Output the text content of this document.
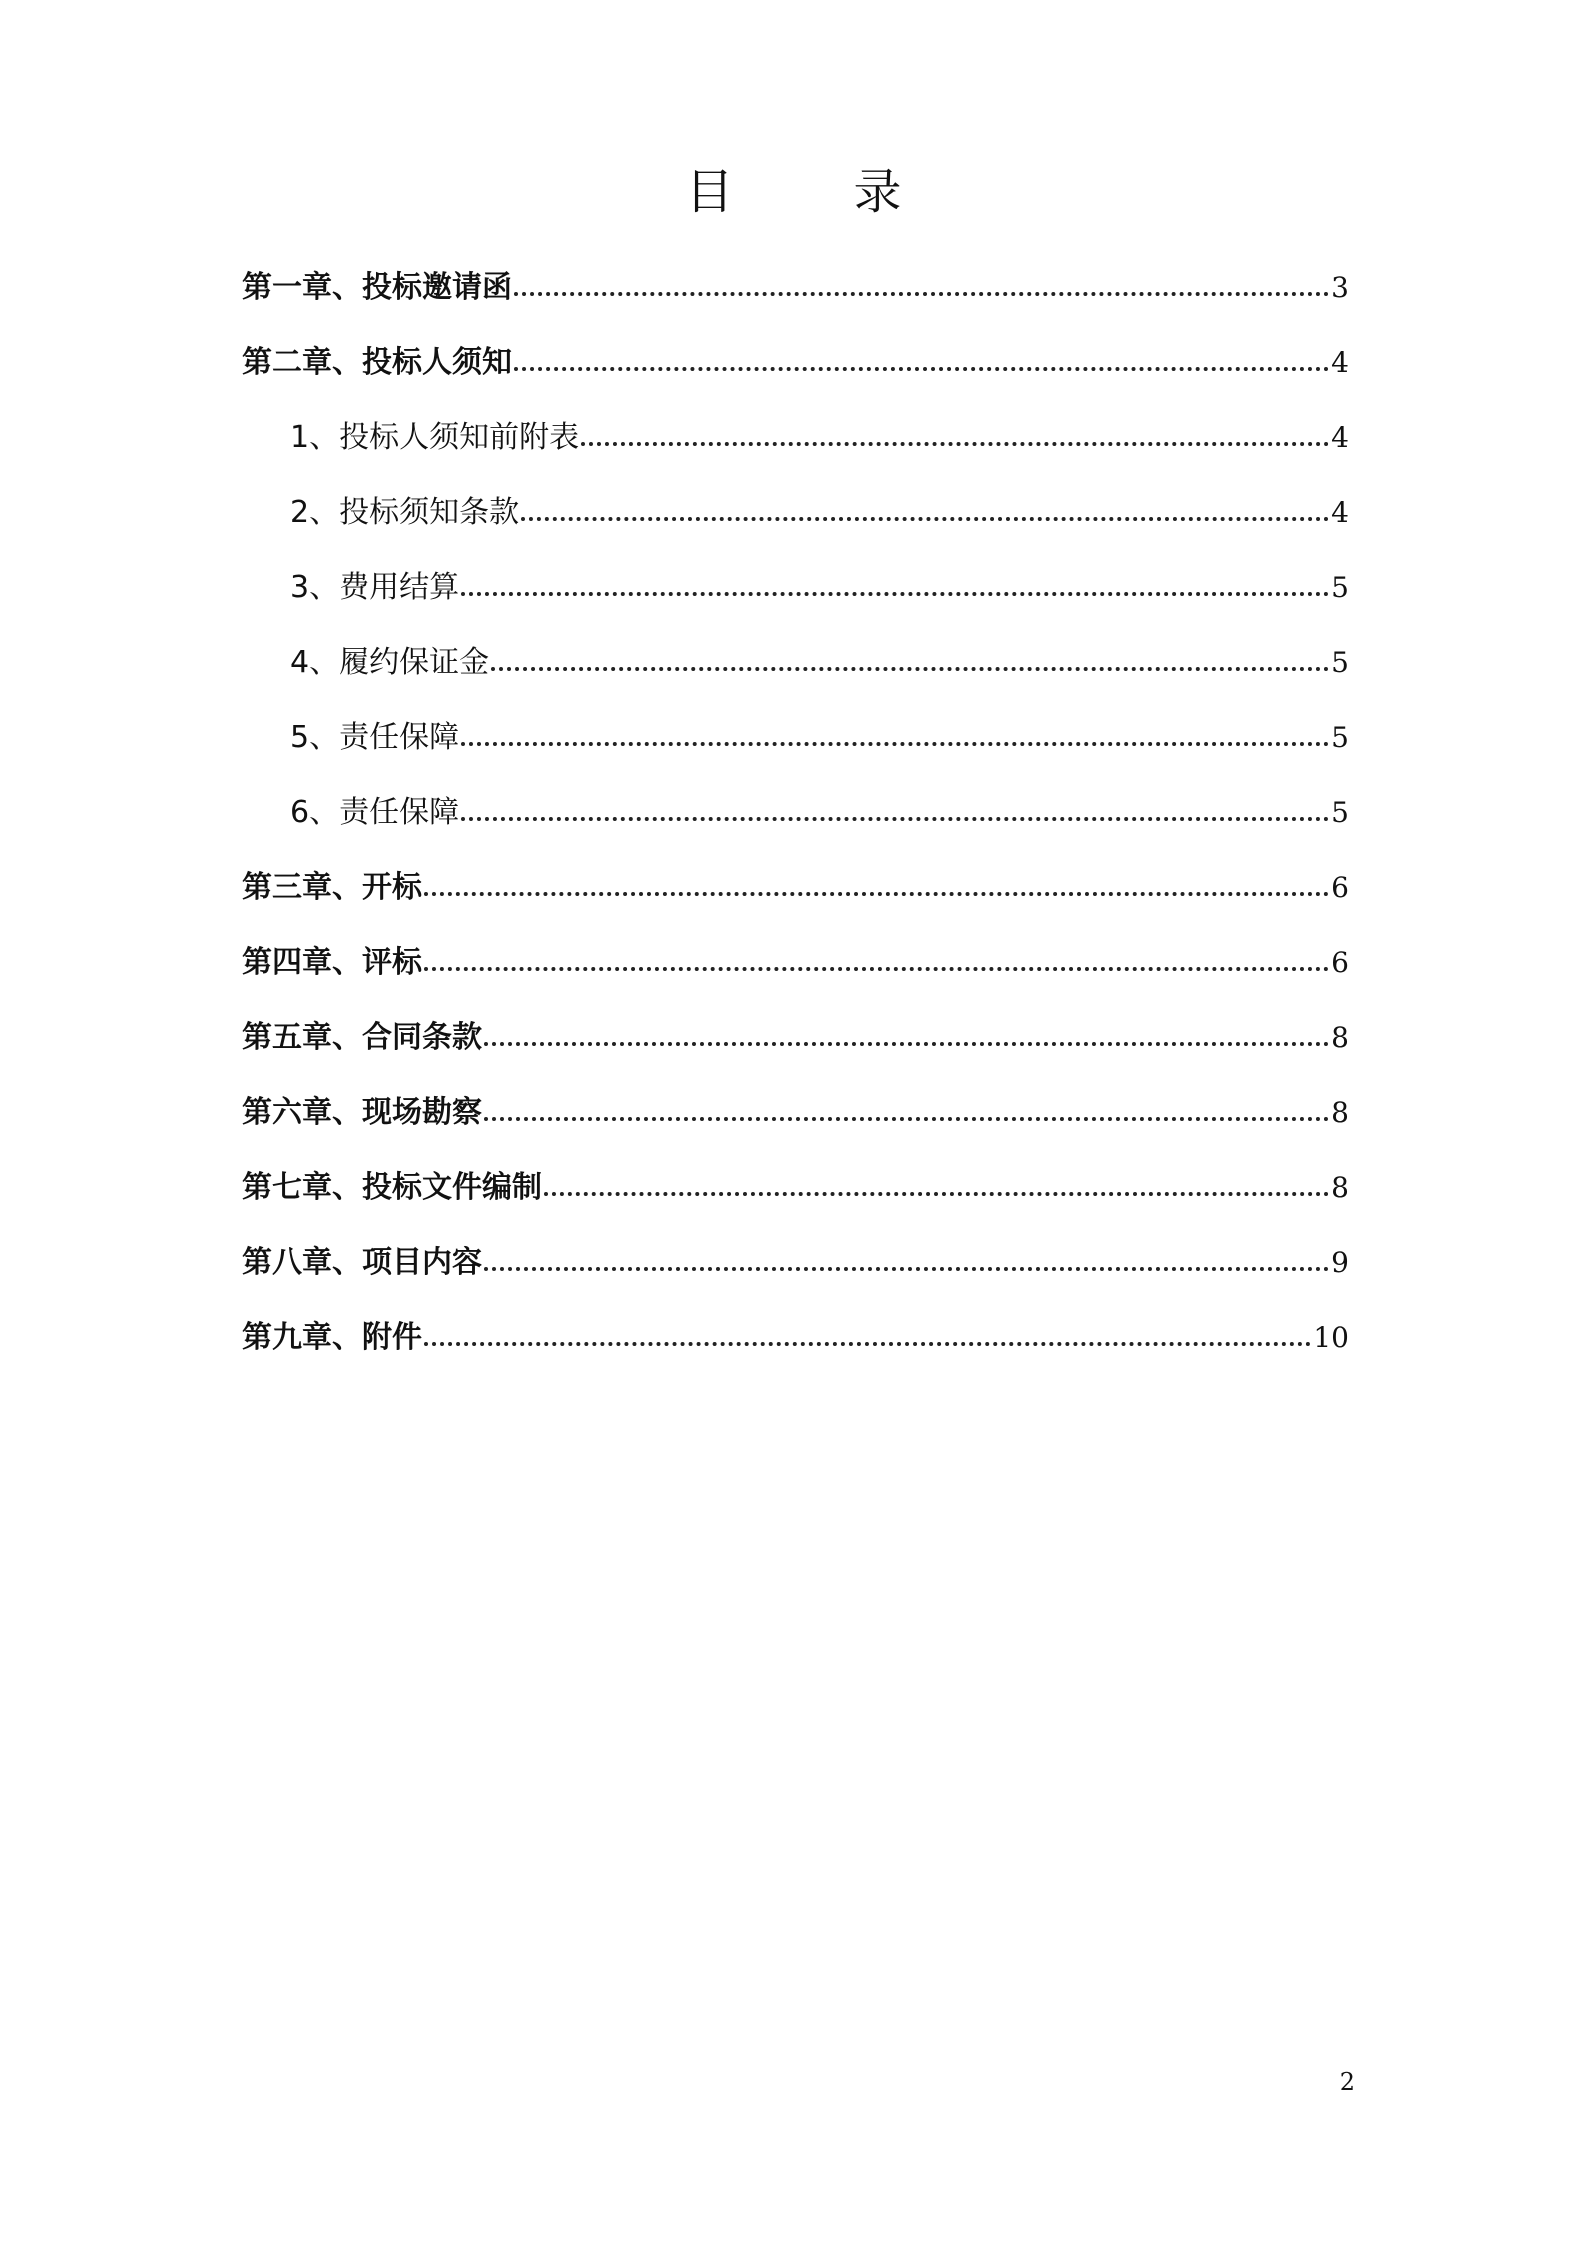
目	录
第一章、投标邀请函	3
第二章、投标人须知	4
1、投标人须知前附表	4
2、投标须知条款	4
3、费用结算	5
4、履约保证金	5
5、责任保障	5
6、责任保障	5
第三章、开标	6
第四章、评标	6
第五章、合同条款	8
第六章、现场勘察	8
第七章、投标文件编制	8
第八章、项目内容	9
第九章、附件	10
2
